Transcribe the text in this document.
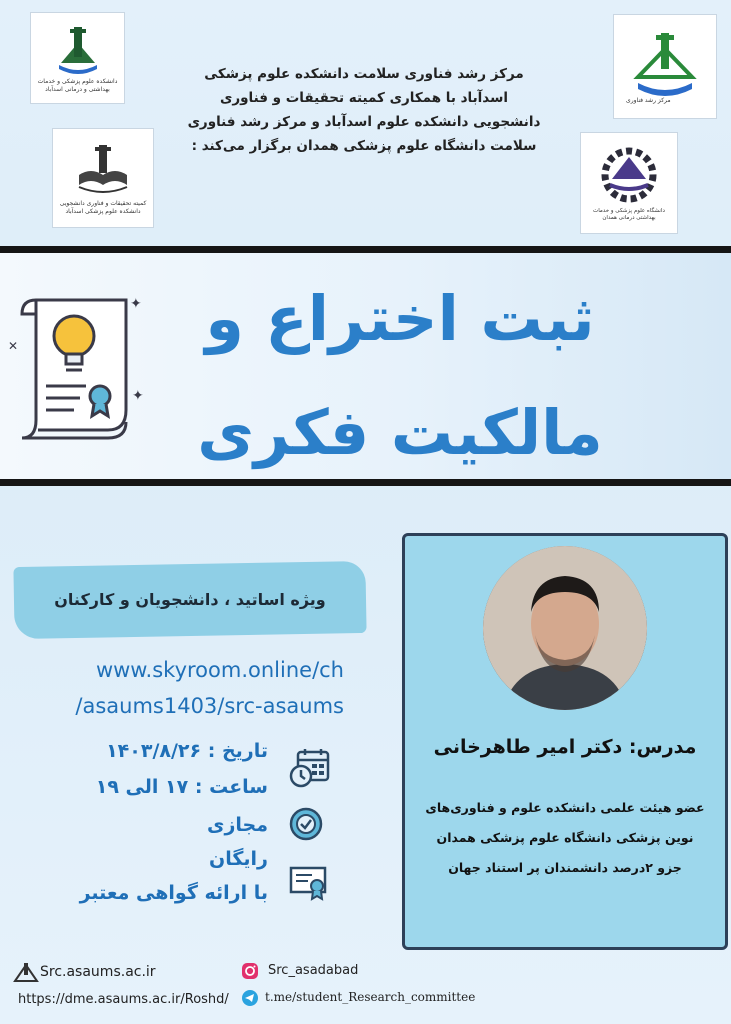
دانشکده علوم پزشکی و خدمات بهداشتی و درمانی اسدآباد
کمیته تحقیقات و فناوری دانشجویی دانشکده علوم پزشکی اسدآباد
مرکز رشد فناوری
دانشگاه علوم پزشکی و خدمات بهداشتی درمانی همدان
مرکز رشد فناوری سلامت دانشکده علوم پزشکی
اسدآباد با همکاری کمیته تحقیقات و فناوری
دانشجویی دانشکده علوم اسدآباد و مرکز رشد فناوری
سلامت دانشگاه علوم پزشکی همدان برگزار می‌کند :
✦
✕
✦
ثبت اختراع و
مالکیت فکری
ویژه اساتید ، دانشجویان و کارکنان
www.skyroom.online/ch
/asaums1403/src-asaums
تاریخ : ۱۴۰۳/۸/۲۶
ساعت : ۱۷ الی ۱۹
مجازی
رایگان
با ارائه گواهی معتبر
مدرس: دکتر امیر طاهرخانی
عضو هیئت علمی دانشکده علوم و فناوری‌های
نوین پزشکی دانشگاه علوم پزشکی همدان
جزو ۲درصد دانشمندان پر استناد جهان
Src.asaums.ac.ir
https://dme.asaums.ac.ir/Roshd/
Src_asadabad
t.me/student_Research_committee
